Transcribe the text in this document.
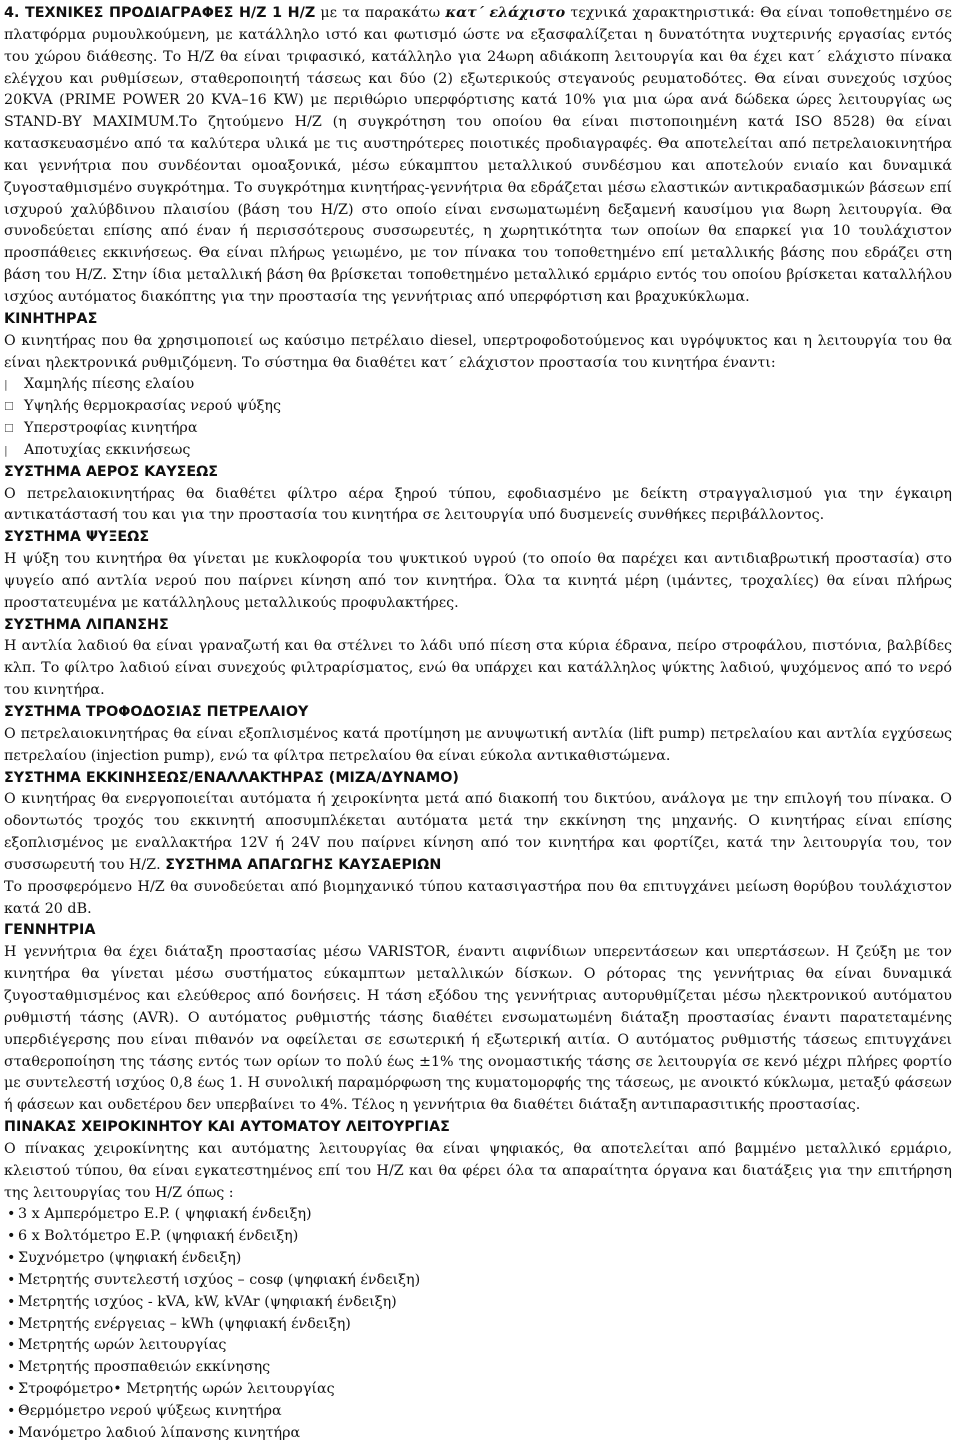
4. ΤΕΧΝΙΚΕΣ ΠΡΟΔΙΑΓΡΑΦΕΣ Η/Ζ 1 Η/Ζ με τα παρακάτω κατ΄ ελάχιστο τεχνικά χαρακτηριστικά: Θα είναι τοποθετημένο σε πλατφόρμα ρυμουλκούμενη, με κατάλληλο ιστό και φωτισμό ώστε να εξασφαλίζεται η δυνατότητα νυχτερινής εργασίας εντός του χώρου διάθεσης. Το Η/Ζ θα είναι τριφασικό, κατάλληλο για 24ωρη αδιάκοπη λειτουργία και θα έχει κατ΄ ελάχιστο πίνακα ελέγχου και ρυθμίσεων, σταθεροποιητή τάσεως και δύο (2) εξωτερικούς στεγανούς ρευματοδότες. Θα είναι συνεχούς ισχύος 20KVA (PRIME POWER 20 KVA–16 KW) με περιθώριο υπερφόρτισης κατά 10% για μια ώρα ανά δώδεκα ώρες λειτουργίας ως STAND-BY MAXIMUM.Το ζητούμενο Η/Ζ (η συγκρότηση του οποίου θα είναι πιστοποιημένη κατά ISO 8528) θα είναι κατασκευασμένο από τα καλύτερα υλικά με τις αυστηρότερες ποιοτικές προδιαγραφές. Θα αποτελείται από πετρελαιοκινητήρα και γεννήτρια που συνδέονται ομοαξονικά, μέσω εύκαμπτου μεταλλικού συνδέσμου και αποτελούν ενιαίο και δυναμικά ζυγοσταθμισμένο συγκρότημα. Το συγκρότημα κινητήρας-γεννήτρια θα εδράζεται μέσω ελαστικών αντικραδασμικών βάσεων επί ισχυρού χαλύβδινου πλαισίου (βάση του Η/Ζ) στο οποίο είναι ενσωματωμένη δεξαμενή καυσίμου για 8ωρη λειτουργία. Θα συνοδεύεται επίσης από έναν ή περισσότερους συσσωρευτές, η χωρητικότητα των οποίων θα επαρκεί για 10 τουλάχιστον προσπάθειες εκκινήσεως. Θα είναι πλήρως γειωμένο, με τον πίνακα του τοποθετημένο επί μεταλλικής βάσης που εδράζει στη βάση του Η/Ζ. Στην ίδια μεταλλική βάση θα βρίσκεται τοποθετημένο μεταλλικό ερμάριο εντός του οποίου βρίσκεται καταλλήλου ισχύος αυτόματος διακόπτης για την προστασία της γεννήτριας από υπερφόρτιση και βραχυκύκλωμα.

ΚΙΝΗΤΗΡΑΣ

Ο κινητήρας που θα χρησιμοποιεί ως καύσιμο πετρέλαιο diesel, υπερτροφοδοτούμενος και υγρόψυκτος και η λειτουργία του θα είναι ηλεκτρονικά ρυθμιζόμενη. Το σύστημα θα διαθέτει κατ΄ ελάχιστον προστασία του κινητήρα έναντι:

| Χαμηλής πίεσης ελαίου
☐ Υψηλής θερμοκρασίας νερού ψύξης
☐ Υπερστροφίας κινητήρα
| Αποτυχίας εκκινήσεως
ΣΥΣΤΗΜΑ ΑΕΡΟΣ ΚΑΥΣΕΩΣ

Ο πετρελαιοκινητήρας θα διαθέτει φίλτρο αέρα ξηρού τύπου, εφοδιασμένο με δείκτη στραγγαλισμού για την έγκαιρη αντικατάστασή του και για την προστασία του κινητήρα σε λειτουργία υπό δυσμενείς συνθήκες περιβάλλοντος.

ΣΥΣΤΗΜΑ ΨΥΞΕΩΣ

Η ψύξη του κινητήρα θα γίνεται με κυκλοφορία του ψυκτικού υγρού (το οποίο θα παρέχει και αντιδιαβρωτική προστασία) στο ψυγείο από αντλία νερού που παίρνει κίνηση από τον κινητήρα. Όλα τα κινητά μέρη (ιμάντες, τροχαλίες) θα είναι πλήρως προστατευμένα με κατάλληλους μεταλλικούς προφυλακτήρες.

ΣΥΣΤΗΜΑ ΛΙΠΑΝΣΗΣ

Η αντλία λαδιού θα είναι γραναζωτή και θα στέλνει το λάδι υπό πίεση στα κύρια έδρανα, πείρο στροφάλου, πιστόνια, βαλβίδες κλπ. Το φίλτρο λαδιού είναι συνεχούς φιλτραρίσματος, ενώ θα υπάρχει και κατάλληλος ψύκτης λαδιού, ψυχόμενος από το νερό του κινητήρα.

ΣΥΣΤΗΜΑ ΤΡΟΦΟΔΟΣΙΑΣ ΠΕΤΡΕΛΑΙΟΥ

Ο πετρελαιοκινητήρας θα είναι εξοπλισμένος κατά προτίμηση με ανυψωτική αντλία (lift pump) πετρελαίου και αντλία εγχύσεως πετρελαίου (injection pump), ενώ τα φίλτρα πετρελαίου θα είναι εύκολα αντικαθιστώμενα.

ΣΥΣΤΗΜΑ ΕΚΚΙΝΗΣΕΩΣ/ΕΝΑΛΛΑΚΤΗΡΑΣ (ΜΙΖΑ/ΔΥΝΑΜΟ)

Ο κινητήρας θα ενεργοποιείται αυτόματα ή χειροκίνητα μετά από διακοπή του δικτύου, ανάλογα με την επιλογή του πίνακα. Ο οδοντωτός τροχός του εκκινητή αποσυμπλέκεται αυτόματα μετά την εκκίνηση της μηχανής. Ο κινητήρας είναι επίσης εξοπλισμένος με εναλλακτήρα 12V ή 24V που παίρνει κίνηση από τον κινητήρα και φορτίζει, κατά την λειτουργία του, τον συσσωρευτή του Η/Ζ. ΣΥΣΤΗΜΑ ΑΠΑΓΩΓΗΣ ΚΑΥΣΑΕΡΙΩΝ

Το προσφερόμενο Η/Ζ θα συνοδεύεται από βιομηχανικό τύπου κατασιγαστήρα που θα επιτυγχάνει μείωση θορύβου τουλάχιστον κατά 20 dB.

ΓΕΝΝΗΤΡΙΑ

Η γεννήτρια θα έχει διάταξη προστασίας μέσω VARISTOR, έναντι αιφνίδιων υπερεντάσεων και υπερτάσεων. Η ζεύξη με τον κινητήρα θα γίνεται μέσω συστήματος εύκαμπτων μεταλλικών δίσκων. Ο ρότορας της γεννήτριας θα είναι δυναμικά ζυγοσταθμισμένος και ελεύθερος από δονήσεις. Η τάση εξόδου της γεννήτριας αυτορυθμίζεται μέσω ηλεκτρονικού αυτόματου ρυθμιστή τάσης (AVR). Ο αυτόματος ρυθμιστής τάσης διαθέτει ενσωματωμένη διάταξη προστασίας έναντι παρατεταμένης υπερδιέγερσης που είναι πιθανόν να οφείλεται σε εσωτερική ή εξωτερική αιτία. Ο αυτόματος ρυθμιστής τάσεως επιτυγχάνει σταθεροποίηση της τάσης εντός των ορίων το πολύ έως ±1% της ονομαστικής τάσης σε λειτουργία σε κενό μέχρι πλήρες φορτίο με συντελεστή ισχύος 0,8 έως 1. Η συνολική παραμόρφωση της κυματομορφής της τάσεως, με ανοικτό κύκλωμα, μεταξύ φάσεων ή φάσεων και ουδετέρου δεν υπερβαίνει το 4%. Τέλος η γεννήτρια θα διαθέτει διάταξη αντιπαρασιτικής προστασίας.

ΠΙΝΑΚΑΣ ΧΕΙΡΟΚΙΝΗΤΟΥ ΚΑΙ ΑΥΤΟΜΑΤΟΥ ΛΕΙΤΟΥΡΓΙΑΣ

Ο πίνακας χειροκίνητης και αυτόματης λειτουργίας θα είναι ψηφιακός, θα αποτελείται από βαμμένο μεταλλικό ερμάριο, κλειστού τύπου, θα είναι εγκατεστημένος επί του Η/Ζ και θα φέρει όλα τα απαραίτητα όργανα και διατάξεις για την επιτήρηση της λειτουργίας του Η/Ζ όπως :

• 3 x Αμπερόμετρο E.P. ( ψηφιακή ένδειξη)
• 6 x Βολτόμετρο E.P. (ψηφιακή ένδειξη)
• Συχνόμετρο (ψηφιακή ένδειξη)
• Μετρητής συντελεστή ισχύος – cosφ (ψηφιακή ένδειξη)
• Μετρητής ισχύος - kVA, kW, kVAr (ψηφιακή ένδειξη)
• Μετρητής ενέργειας – kWh (ψηφιακή ένδειξη)
• Μετρητής ωρών λειτουργίας
• Μετρητής προσπαθειών εκκίνησης
• Στροφόμετρο• Μετρητής ωρών λειτουργίας
• Θερμόμετρο νερού ψύξεως κινητήρα
• Μανόμετρο λαδιού λίπανσης κινητήρα
